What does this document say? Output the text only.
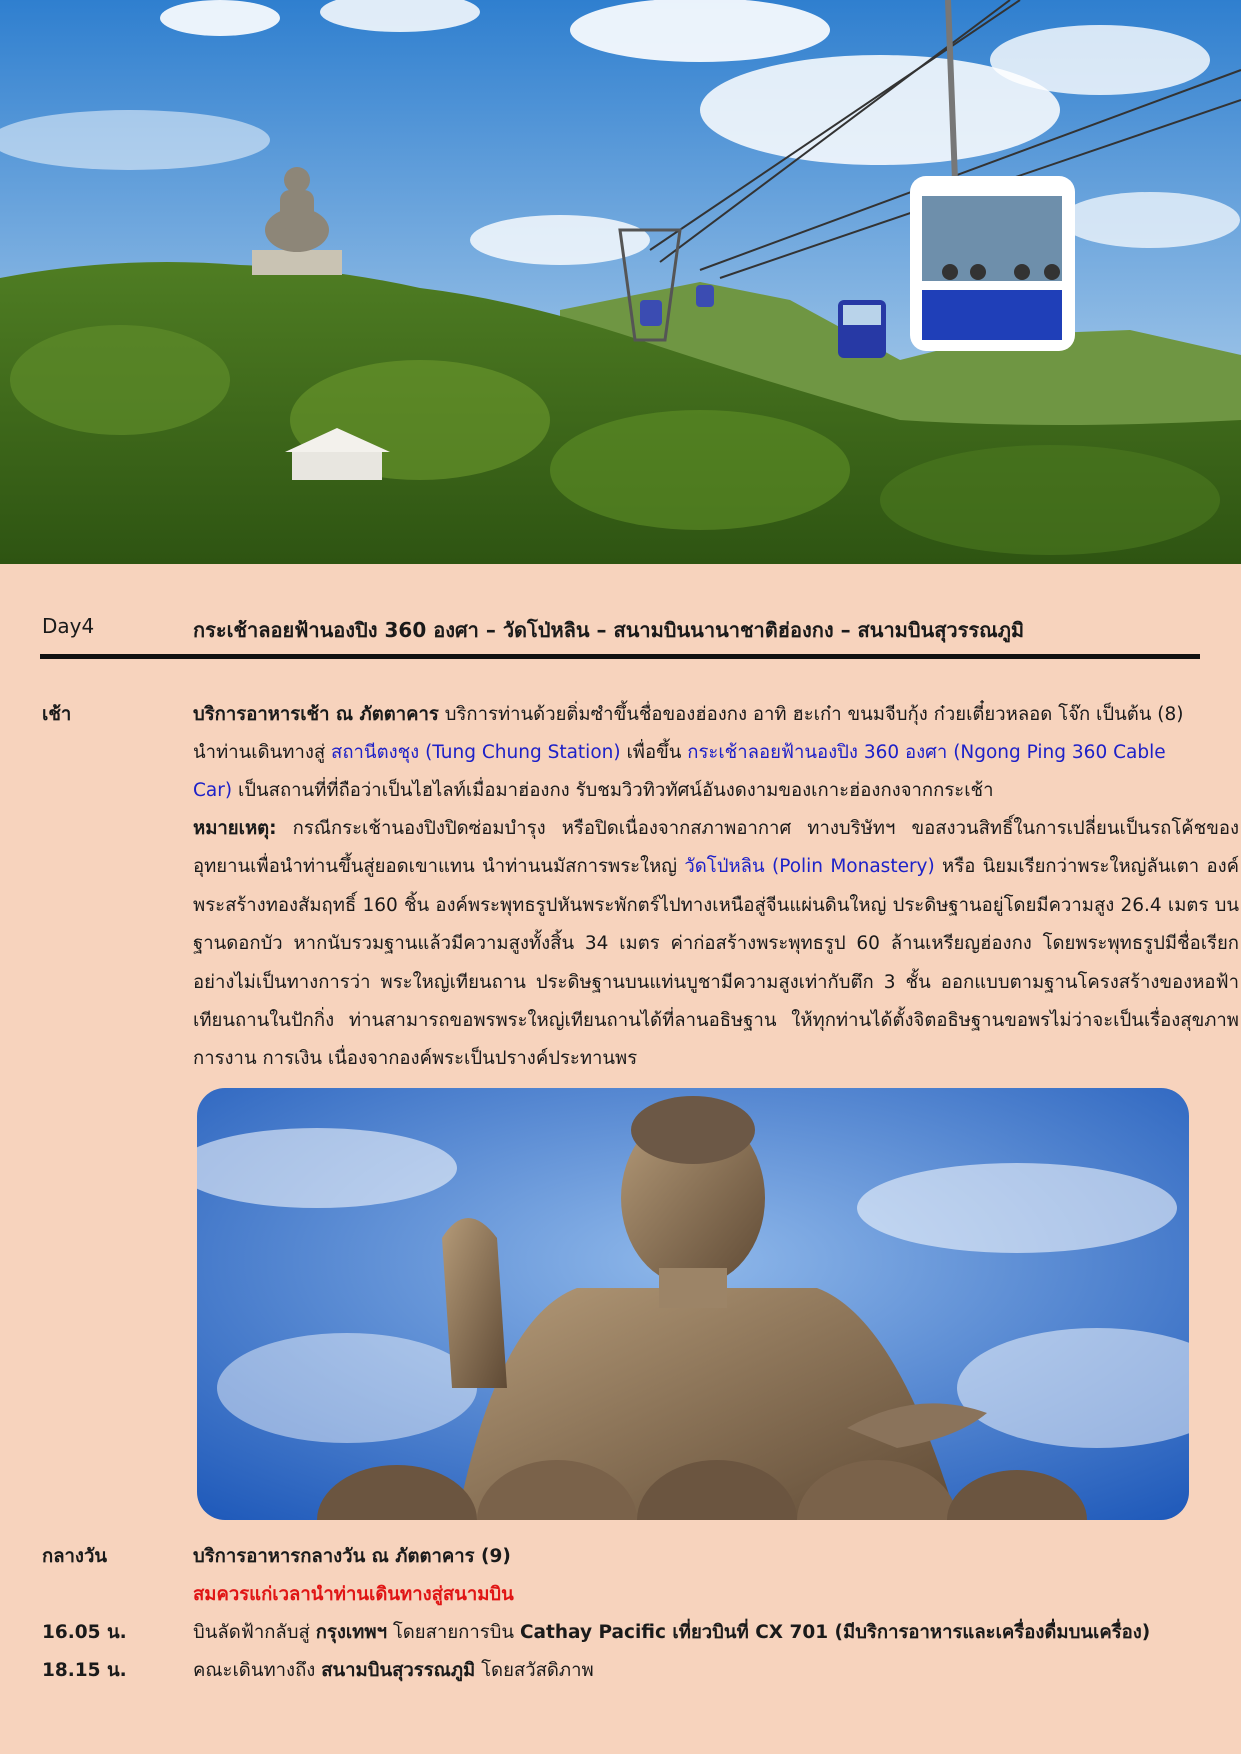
Day4	กระเช้าลอยฟ้านองปิง 360 องศา – วัดโป่หลิน – สนามบินนานาชาติฮ่องกง – สนามบินสุวรรณภูมิ
เช้า	บริการอาหารเช้า ณ ภัตตาคาร บริการท่านด้วยติ่มซำขึ้นชื่อของฮ่องกง อาทิ ฮะเก๋า ขนมจีบกุ้ง ก๋วยเตี๋ยวหลอด โจ๊ก เป็นต้น (8)
นำท่านเดินทางสู่ สถานีตงชุง (Tung Chung Station) เพื่อขึ้น กระเช้าลอยฟ้านองปิง 360 องศา (Ngong Ping 360 Cable
Car) เป็นสถานที่ที่ถือว่าเป็นไฮไลท์เมื่อมาฮ่องกง รับชมวิวทิวทัศน์อันงดงามของเกาะฮ่องกงจากกระเช้า
หมายเหตุ: กรณีกระเช้านองปิงปิดซ่อมบำรุง หรือปิดเนื่องจากสภาพอากาศ ทางบริษัทฯ ขอสงวนสิทธิ์ในการเปลี่ยนเป็นรถโค้ชของอุทยานเพื่อนำท่านขึ้นสู่ยอดเขาแทน นำท่านนมัสการพระใหญ่ วัดโป่หลิน (Polin Monastery) หรือ นิยมเรียกว่าพระใหญ่ลันเตา องค์พระสร้างทองสัมฤทธิ์ 160 ชิ้น องค์พระพุทธรูปหันพระพักตร์ไปทางเหนือสู่จีนแผ่นดินใหญ่ ประดิษฐานอยู่โดยมีความสูง 26.4 เมตร บนฐานดอกบัว หากนับรวมฐานแล้วมีความสูงทั้งสิ้น 34 เมตร ค่าก่อสร้างพระพุทธรูป 60 ล้านเหรียญฮ่องกง โดยพระพุทธรูปมีชื่อเรียกอย่างไม่เป็นทางการว่า พระใหญ่เทียนถาน ประดิษฐานบนแท่นบูชามีความสูงเท่ากับตึก 3 ชั้น ออกแบบตามฐานโครงสร้างของหอฟ้าเทียนถานในปักกิ่ง ท่านสามารถขอพรพระใหญ่เทียนถานได้ที่ลานอธิษฐาน ให้ทุกท่านได้ตั้งจิตอธิษฐานขอพรไม่ว่าจะเป็นเรื่องสุขภาพ การงาน การเงิน เนื่องจากองค์พระเป็นปรางค์ประทานพร
กลางวัน	บริการอาหารกลางวัน ณ ภัตตาคาร (9)
สมควรแก่เวลานำท่านเดินทางสู่สนามบิน
16.05 น.	บินลัดฟ้ากลับสู่ กรุงเทพฯ โดยสายการบิน Cathay Pacific เที่ยวบินที่ CX 701 (มีบริการอาหารและเครื่องดื่มบนเครื่อง)
18.15 น.	คณะเดินทางถึง สนามบินสุวรรณภูมิ โดยสวัสดิภาพ
